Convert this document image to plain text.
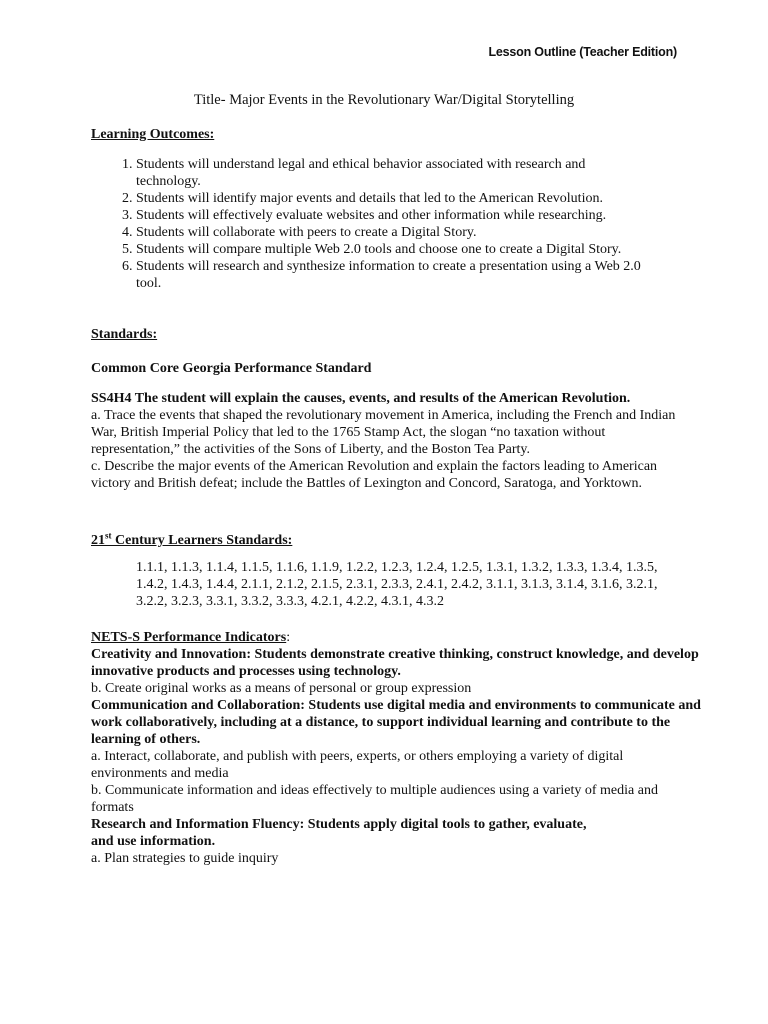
Lesson Outline (Teacher Edition)
Title- Major Events in the Revolutionary War/Digital Storytelling
Learning Outcomes:
1. Students will understand legal and ethical behavior associated with research and technology.
2. Students will identify major events and details that led to the American Revolution.
3. Students will effectively evaluate websites and other information while researching.
4. Students will collaborate with peers to create a Digital Story.
5. Students will compare multiple Web 2.0 tools and choose one to create a Digital Story.
6. Students will research and synthesize information to create a presentation using a Web 2.0 tool.
Standards:
Common Core Georgia Performance Standard

SS4H4 The student will explain the causes, events, and results of the American Revolution.

a. Trace the events that shaped the revolutionary movement in America, including the French and Indian War, British Imperial Policy that led to the 1765 Stamp Act, the slogan “no taxation without representation,” the activities of the Sons of Liberty, and the Boston Tea Party.

c. Describe the major events of the American Revolution and explain the factors leading to American victory and British defeat; include the Battles of Lexington and Concord, Saratoga, and Yorktown.

21st Century Learners Standards:

1.1.1, 1.1.3, 1.1.4, 1.1.5, 1.1.6, 1.1.9, 1.2.2, 1.2.3, 1.2.4, 1.2.5, 1.3.1, 1.3.2, 1.3.3, 1.3.4, 1.3.5, 1.4.2, 1.4.3, 1.4.4, 2.1.1, 2.1.2, 2.1.5, 2.3.1, 2.3.3, 2.4.1, 2.4.2, 3.1.1, 3.1.3, 3.1.4, 3.1.6, 3.2.1, 3.2.2, 3.2.3, 3.3.1, 3.3.2, 3.3.3, 4.2.1, 4.2.2, 4.3.1, 4.3.2

NETS-S Performance Indicators:

Creativity and Innovation: Students demonstrate creative thinking, construct knowledge, and develop innovative products and processes using technology.

b. Create original works as a means of personal or group expression

Communication and Collaboration: Students use digital media and environments to communicate and work collaboratively, including at a distance, to support individual learning and contribute to the learning of others.

a. Interact, collaborate, and publish with peers, experts, or others employing a variety of digital environments and media

b. Communicate information and ideas effectively to multiple audiences using a variety of media and formats

Research and Information Fluency: Students apply digital tools to gather, evaluate,

and use information.

a. Plan strategies to guide inquiry
